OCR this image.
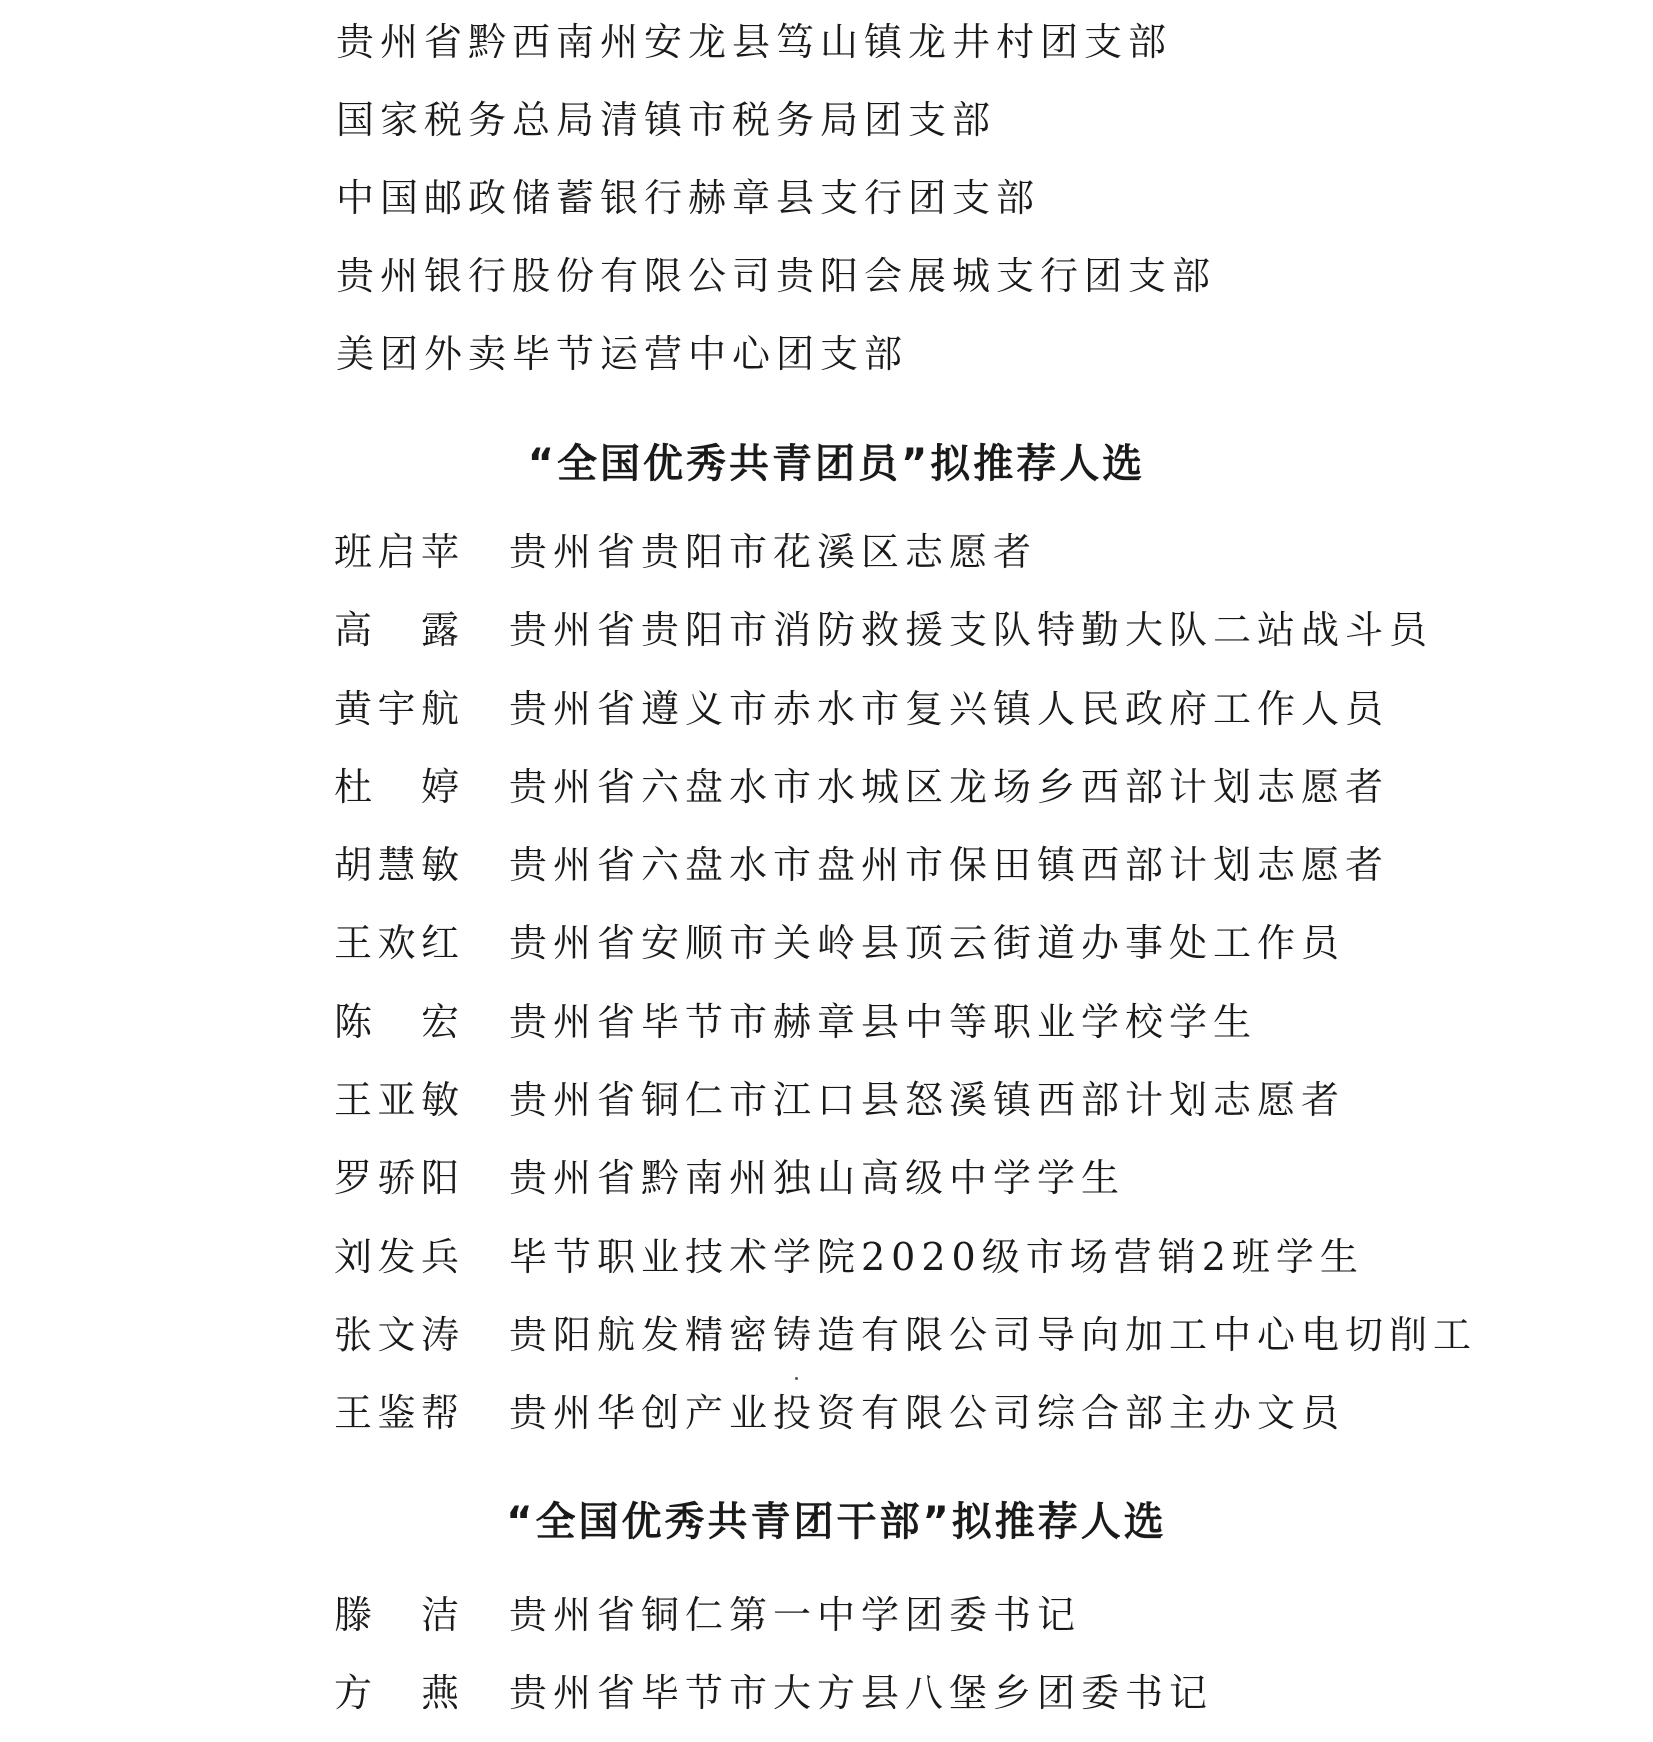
贵州省黔西南州安龙县笃山镇龙井村团支部
国家税务总局清镇市税务局团支部
中国邮政储蓄银行赫章县支行团支部
贵州银行股份有限公司贵阳会展城支行团支部
美团外卖毕节运营中心团支部
“全国优秀共青团员”拟推荐人选
班启苹 贵州省贵阳市花溪区志愿者
高露 贵州省贵阳市消防救援支队特勤大队二站战斗员
黄宇航 贵州省遵义市赤水市复兴镇人民政府工作人员
杜婷 贵州省六盘水市水城区龙场乡西部计划志愿者
胡慧敏 贵州省六盘水市盘州市保田镇西部计划志愿者
王欢红 贵州省安顺市关岭县顶云街道办事处工作员
陈宏 贵州省毕节市赫章县中等职业学校学生
王亚敏 贵州省铜仁市江口县怒溪镇西部计划志愿者
罗骄阳 贵州省黔南州独山高级中学学生
刘发兵 毕节职业技术学院2020级市场营销2班学生
张文涛 贵阳航发精密铸造有限公司导向加工中心电切削工
王鉴帮 贵州华创产业投资有限公司综合部主办文员
“全国优秀共青团干部”拟推荐人选
滕洁 贵州省铜仁第一中学团委书记
方燕 贵州省毕节市大方县八堡乡团委书记
